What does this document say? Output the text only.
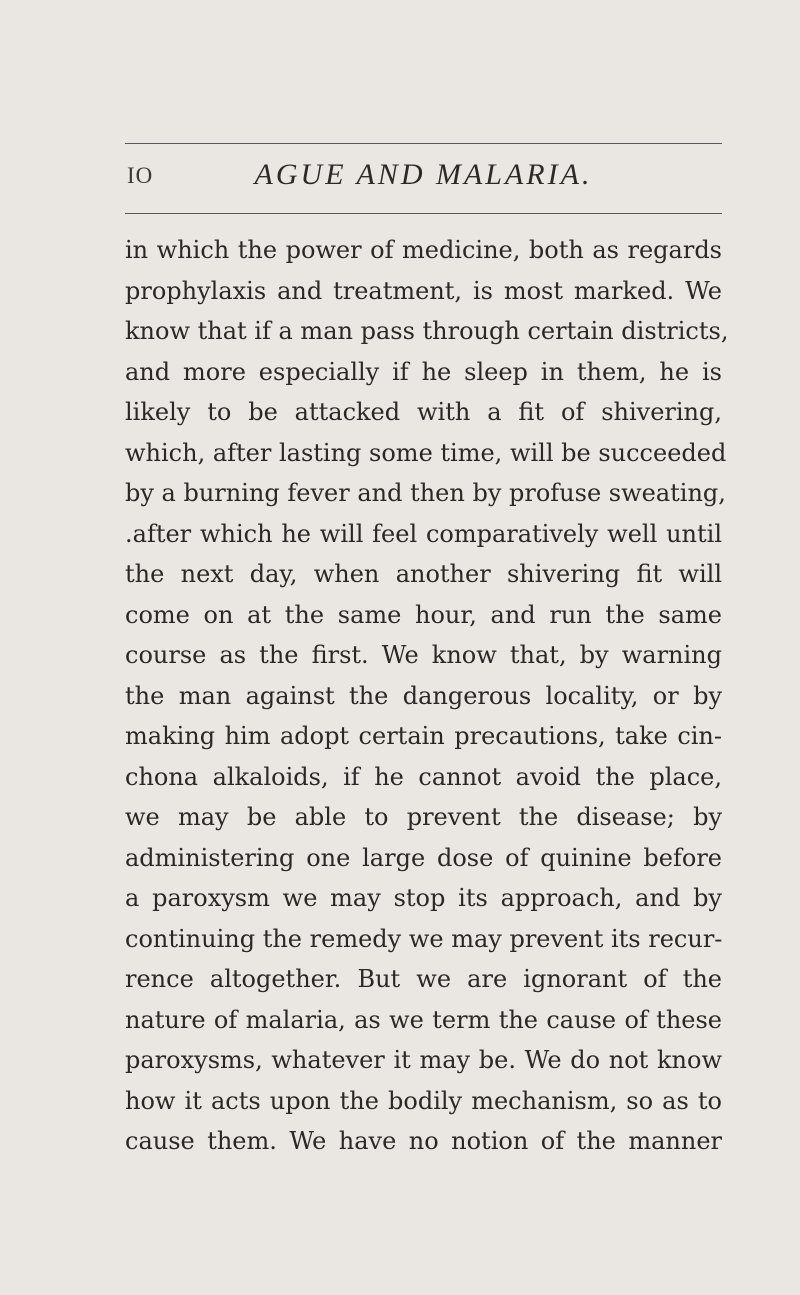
IO	AGUE AND MALARIA.
in which the power of medicine, both as regards
prophylaxis and treatment, is most marked. We
know that if a man pass through certain districts,
and more especially if he sleep in them, he is
likely to be attacked with a fit of shivering,
which, after lasting some time, will be succeeded
by a burning fever and then by profuse sweating,
.after which he will feel comparatively well until
the next day, when another shivering fit will
come on at the same hour, and run the same
course as the first. We know that, by warning
the man against the dangerous locality, or by
making him adopt certain precautions, take cin-
chona alkaloids, if he cannot avoid the place,
we may be able to prevent the disease; by
administering one large dose of quinine before
a paroxysm we may stop its approach, and by
continuing the remedy we may prevent its recur-
rence altogether. But we are ignorant of the
nature of malaria, as we term the cause of these
paroxysms, whatever it may be. We do not know
how it acts upon the bodily mechanism, so as to
cause them. We have no notion of the manner
